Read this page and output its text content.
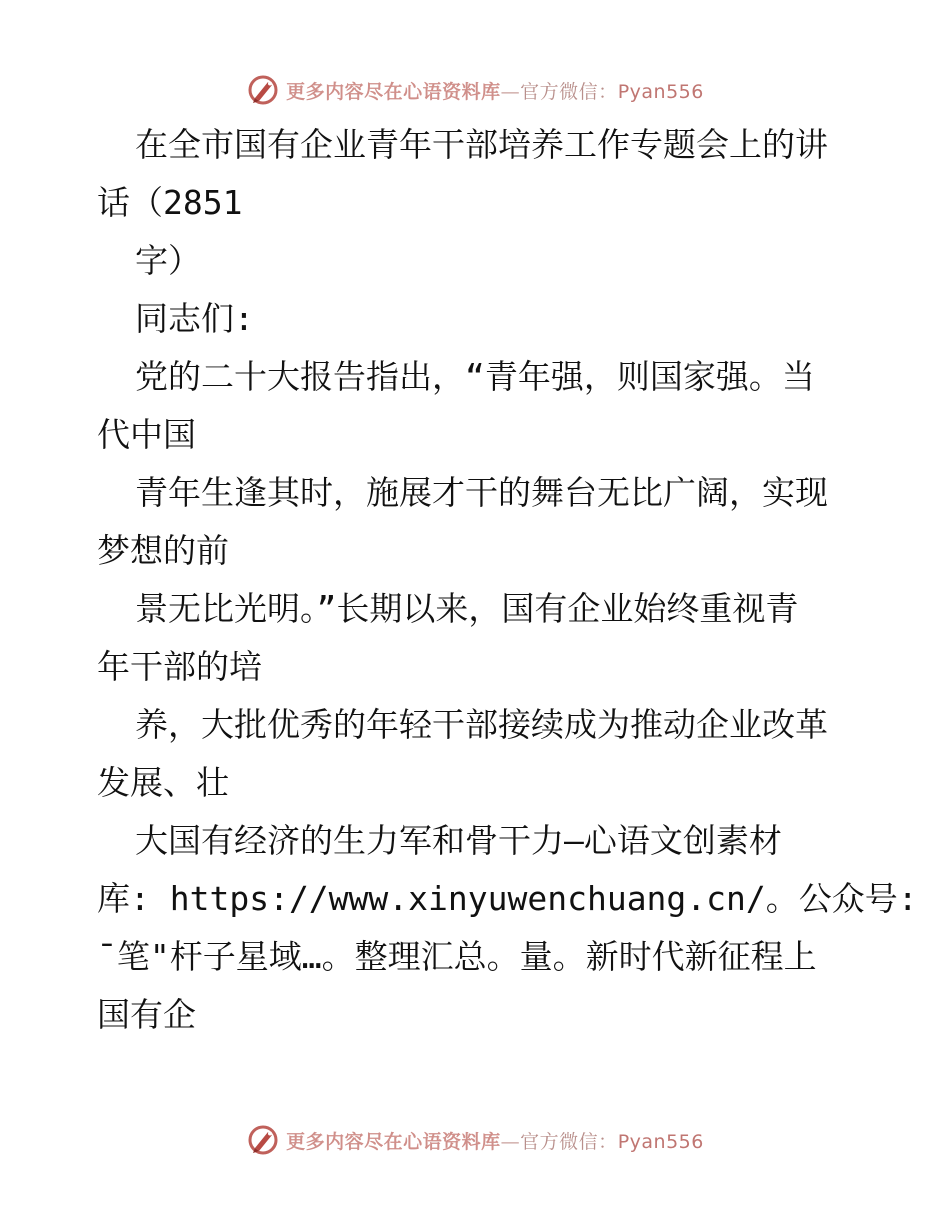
更多内容尽在心语资料库—官方微信：Pyan556
在全市国有企业青年干部培养工作专题会上的讲
话（2851
字）
同志们:
党的二十大报告指出，“青年强，则国家强。当
代中国
青年生逢其时，施展才干的舞台无比广阔，实现
梦想的前
景无比光明。”长期以来，国有企业始终重视青
年干部的培
养，大批优秀的年轻干部接续成为推动企业改革
发展、壮
大国有经济的生力军和骨干力—心语文创素材
库: https://www.xinyuwenchuang.cn/。公众号:
¯笔"杆子星域…。整理汇总。量。新时代新征程上
国有企
更多内容尽在心语资料库—官方微信：Pyan556
